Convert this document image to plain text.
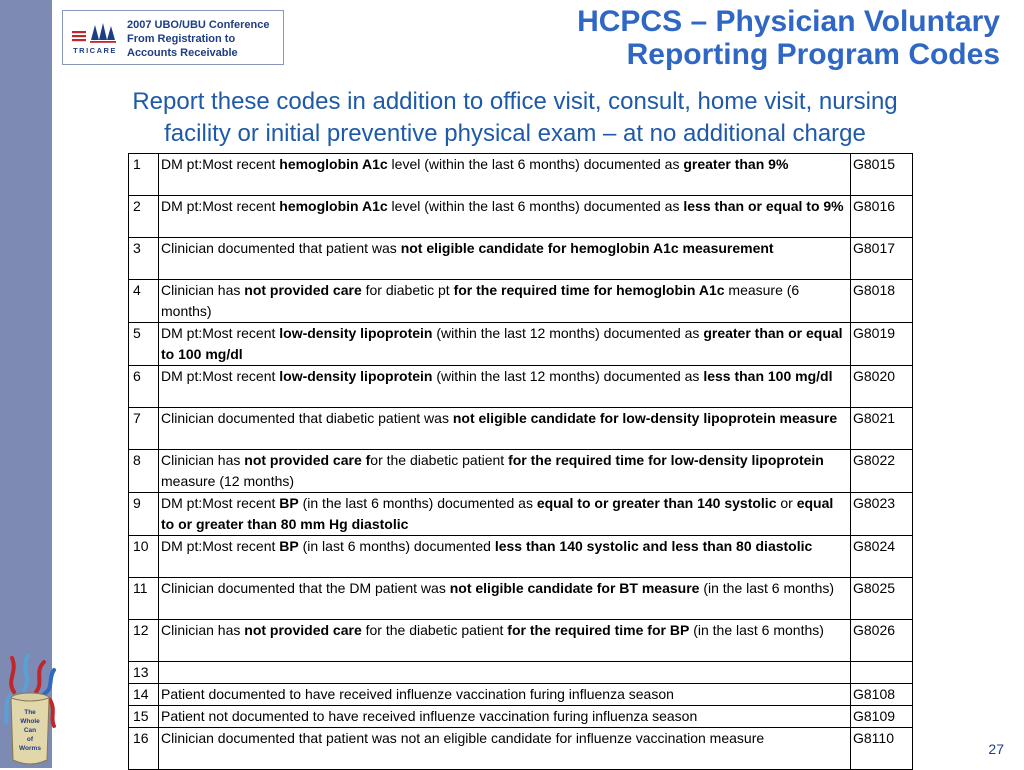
TRICARE
2007 UBO/UBU Conference
From Registration to
Accounts Receivable
HCPCS – Physician Voluntary
Reporting Program Codes
Report these codes in addition to office visit, consult, home visit, nursing
facility or initial preventive physical exam – at no additional charge
1	DM pt:Most recent hemoglobin A1c level (within the last 6 months) documented as greater than 9%	G8015
2	DM pt:Most recent hemoglobin A1c level (within the last 6 months) documented as less than or equal to 9%	G8016
3	Clinician documented that patient was not eligible candidate for hemoglobin A1c measurement	G8017
4	Clinician has not provided care for diabetic pt for the required time for hemoglobin A1c measure (6 months)	G8018
5	DM pt:Most recent low-density lipoprotein (within the last 12 months) documented as greater than or equal to 100 mg/dl	G8019
6	DM pt:Most recent low-density lipoprotein (within the last 12 months) documented as less than 100 mg/dl	G8020
7	Clinician documented that diabetic patient was not eligible candidate for low-density lipoprotein measure	G8021
8	Clinician has not provided care for the diabetic patient for the required time for low-density lipoprotein measure (12 months)	G8022
9	DM pt:Most recent BP (in the last 6 months) documented as equal to or greater than 140 systolic or equal to or greater than 80 mm Hg diastolic	G8023
10	DM pt:Most recent BP (in last 6 months) documented less than 140 systolic and less than 80 diastolic	G8024
11	Clinician documented that the DM patient was not eligible candidate for BT measure (in the last 6 months)	G8025
12	Clinician has not provided care for the diabetic patient for the required time for BP (in the last 6 months)	G8026
13		
14	Patient documented to have received influenze vaccination furing influenza season	G8108
15	Patient not documented to have received influenze vaccination furing influenza season	G8109
16	Clinician documented that patient was not an eligible candidate for influenze vaccination measure	G8110
The
Whole
Can
of
Worms	27
